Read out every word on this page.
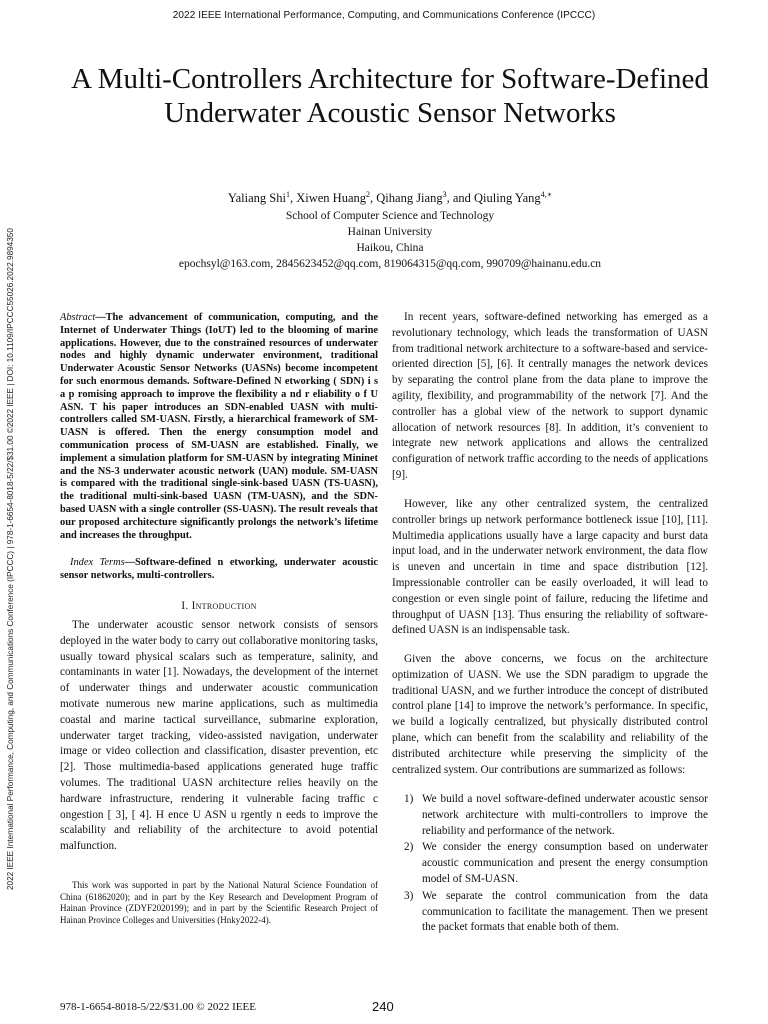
2022 IEEE International Performance, Computing, and Communications Conference (IPCCC)
2022 IEEE International Performance, Computing, and Communications Conference (IPCCC) | 978-1-6654-8018-5/22/$31.00 ©2022 IEEE | DOI: 10.1109/IPCCC55026.2022.9894350
A Multi-Controllers Architecture for Software-Defined Underwater Acoustic Sensor Networks
Yaliang Shi$^1$, Xiwen Huang$^2$, Qihang Jiang$^3$, and Qiuling Yang$^{4,∗}$
School of Computer Science and Technology
Hainan University
Haikou, China
epochsyl@163.com, 2845623452@qq.com, 819064315@qq.com, 990709@hainanu.edu.cn
Abstract—The advancement of communication, computing, and the Internet of Underwater Things (IoUT) led to the blooming of marine applications. However, due to the constrained resources of underwater nodes and highly dynamic underwater environment, traditional Underwater Acoustic Sensor Networks (UASNs) become incompetent for such enormous demands. Software-Defined N etworking ( SDN) i s a p romising approach to improve the flexibility a nd r eliability o f U ASN. T his paper introduces an SDN-enabled UASN with multi-controllers called SM-UASN. Firstly, a hierarchical framework of SM-UASN is offered. Then the energy consumption model and communication process of SM-UASN are established. Finally, we implement a simulation platform for SM-UASN by integrating Mininet and the NS-3 underwater acoustic network (UAN) module. SM-UASN is compared with the traditional single-sink-based UASN (TS-UASN), the traditional multi-sink-based UASN (TM-UASN), and the SDN-based UASN with a single controller (SS-UASN). The result reveals that our proposed architecture significantly prolongs the network’s lifetime and increases the throughput.
Index Terms—Software-defined n etworking, underwater acoustic sensor networks, multi-controllers.
I. Introduction
The underwater acoustic sensor network consists of sensors deployed in the water body to carry out collaborative monitoring tasks, usually toward physical scalars such as temperature, salinity, and contaminants in water [1]. Nowadays, the development of the internet of underwater things and underwater acoustic communication motivate numerous new marine applications, such as multimedia coastal and marine tactical surveillance, submarine exploration, underwater target tracking, video-assisted navigation, underwater image or video collection and classification, disaster prevention, etc [2]. Those multimedia-based applications generated huge traffic volumes. The traditional UASN architecture relies heavily on the hardware infrastructure, rendering it vulnerable facing traffic c ongestion [ 3], [ 4]. H ence U ASN u rgently n eeds to improve the scalability and reliability of the architecture to avoid potential malfunction.
This work was supported in part by the National Natural Science Foundation of China (61862020); and in part by the Key Research and Development Program of Hainan Province (ZDYF2020199); and in part by the Scientific Research Project of Hainan Province Colleges and Universities (Hnky2022-4).
In recent years, software-defined networking has emerged as a revolutionary technology, which leads the transformation of UASN from traditional network architecture to a software-based and service-oriented direction [5], [6]. It centrally manages the network devices by separating the control plane from the data plane to improve the agility, flexibility, and programmability of the network [7]. And the controller has a global view of the network to support dynamic allocation of network resources [8]. In addition, it’s convenient to integrate new network applications and allows the centralized configuration of network traffic according to the needs of applications [9].
However, like any other centralized system, the centralized controller brings up network performance bottleneck issue [10], [11]. Multimedia applications usually have a large capacity and burst data input load, and in the underwater network environment, the data flow is uneven and uncertain in time and space distribution [12]. Impressionable controller can be easily overloaded, it will lead to congestion or even single point of failure, reducing the lifetime and throughput of UASN [13]. Thus ensuring the reliability of software-defined UASN is an indispensable task.
Given the above concerns, we focus on the architecture optimization of UASN. We use the SDN paradigm to upgrade the traditional UASN, and we further introduce the concept of distributed control plane [14] to improve the network’s performance. In specific, we build a logically centralized, but physically distributed control plane, which can benefit from the scalability and reliability of the distributed architecture while preserving the simplicity of the centralized system. Our contributions are summarized as follows:
1) We build a novel software-defined underwater acoustic sensor network architecture with multi-controllers to improve the reliability and performance of the network.
2) We consider the energy consumption based on underwater acoustic communication and present the energy consumption model of SM-UASN.
3) We separate the control communication from the data communication to facilitate the management. Then we present the packet formats that enable both of them.
978-1-6654-8018-5/22/$31.00 © 2022 IEEE	240
